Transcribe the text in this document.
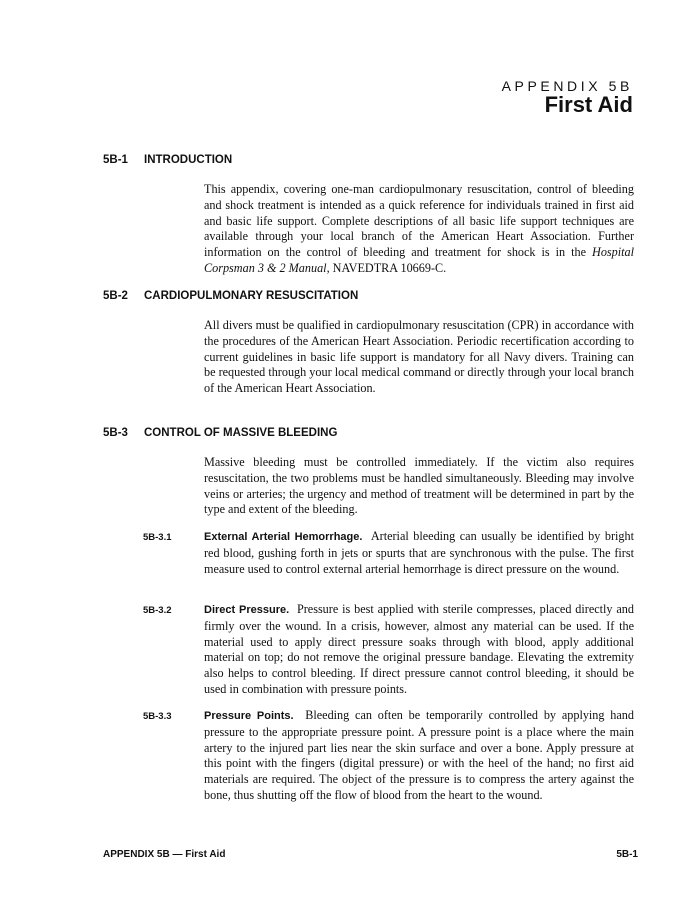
APPENDIX 5B
First Aid
5B-1 INTRODUCTION
This appendix, covering one-man cardiopulmonary resuscitation, control of bleeding and shock treatment is intended as a quick reference for individuals trained in first aid and basic life support. Complete descriptions of all basic life support techniques are available through your local branch of the American Heart Association. Further information on the control of bleeding and treatment for shock is in the Hospital Corpsman 3 & 2 Manual, NAVEDTRA 10669-C.
5B-2 CARDIOPULMONARY RESUSCITATION
All divers must be qualified in cardiopulmonary resuscitation (CPR) in accordance with the procedures of the American Heart Association. Periodic recertification according to current guidelines in basic life support is mandatory for all Navy divers. Training can be requested through your local medical command or directly through your local branch of the American Heart Association.
5B-3 CONTROL OF MASSIVE BLEEDING
Massive bleeding must be controlled immediately. If the victim also requires resuscitation, the two problems must be handled simultaneously. Bleeding may involve veins or arteries; the urgency and method of treatment will be determined in part by the type and extent of the bleeding.
5B-3.1	External Arterial Hemorrhage. Arterial bleeding can usually be identified by bright red blood, gushing forth in jets or spurts that are synchronous with the pulse. The first measure used to control external arterial hemorrhage is direct pressure on the wound.
5B-3.2	Direct Pressure. Pressure is best applied with sterile compresses, placed directly and firmly over the wound. In a crisis, however, almost any material can be used. If the material used to apply direct pressure soaks through with blood, apply additional material on top; do not remove the original pressure bandage. Elevating the extremity also helps to control bleeding. If direct pressure cannot control bleeding, it should be used in combination with pressure points.
5B-3.3	Pressure Points. Bleeding can often be temporarily controlled by applying hand pressure to the appropriate pressure point. A pressure point is a place where the main artery to the injured part lies near the skin surface and over a bone. Apply pressure at this point with the fingers (digital pressure) or with the heel of the hand; no first aid materials are required. The object of the pressure is to compress the artery against the bone, thus shutting off the flow of blood from the heart to the wound.
APPENDIX 5B — First Aid	5B-1
